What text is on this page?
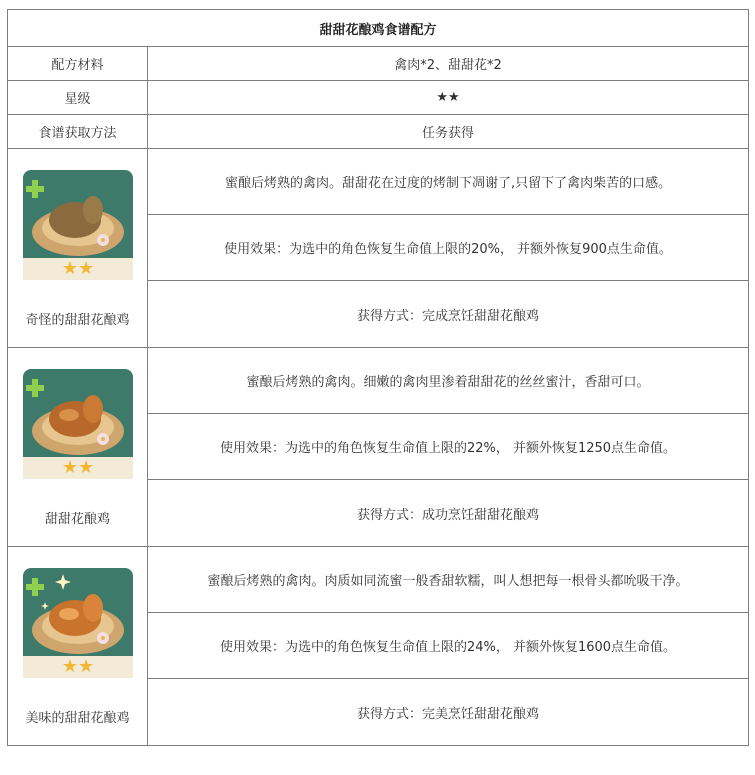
甜甜花酿鸡食谱配方	
配方材料	禽肉*2、甜甜花*2
星级	★★
食谱获取方法	任务获得

★★
奇怪的甜甜花酿鸡	蜜酿后烤熟的禽肉。甜甜花在过度的烤制下凋谢了,只留下了禽肉柴苦的口感。
	使用效果：为选中的角色恢复生命值上限的20%， 并额外恢复900点生命值。
	获得方式：完成烹饪甜甜花酿鸡

★★
甜甜花酿鸡	蜜酿后烤熟的禽肉。细嫩的禽肉里渗着甜甜花的丝丝蜜汁，香甜可口。
	使用效果：为选中的角色恢复生命值上限的22%， 并额外恢复1250点生命值。
	获得方式：成功烹饪甜甜花酿鸡

★★
美味的甜甜花酿鸡	蜜酿后烤熟的禽肉。肉质如同流蜜一般香甜软糯，叫人想把每一根骨头都吮吸干净。
	使用效果：为选中的角色恢复生命值上限的24%， 并额外恢复1600点生命值。
	获得方式：完美烹饪甜甜花酿鸡
